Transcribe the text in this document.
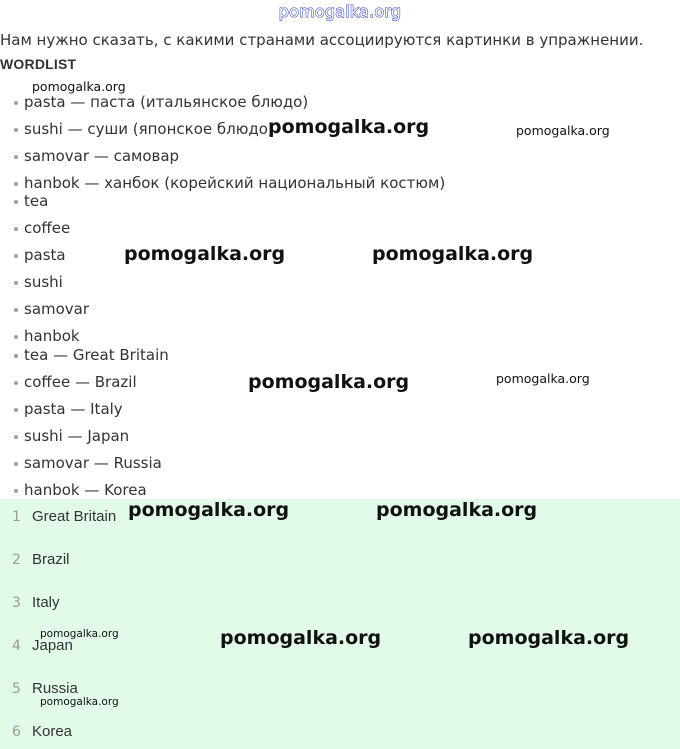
pomogalka.org
Нам нужно сказать, с какими странами ассоциируются картинки в упражнении.
WORDLIST
pasta — паста (итальянское блюдо)
sushi — суши (японское блюдо)
samovar — самовар
hanbok — ханбок (корейский национальный костюм)
tea
coffee
pasta
sushi
samovar
hanbok
tea — Great Britain
coffee — Brazil
pasta — Italy
sushi — Japan
samovar — Russia
hanbok — Korea
1 Great Britain
2 Brazil
3 Italy
4 Japan
5 Russia
6 Korea
pomogalka.org
pomogalka.org	pomogalka.org
pomogalka.org	pomogalka.org
pomogalka.org	pomogalka.org
pomogalka.org	pomogalka.org
pomogalka.org	pomogalka.org	pomogalka.org
pomogalka.org
